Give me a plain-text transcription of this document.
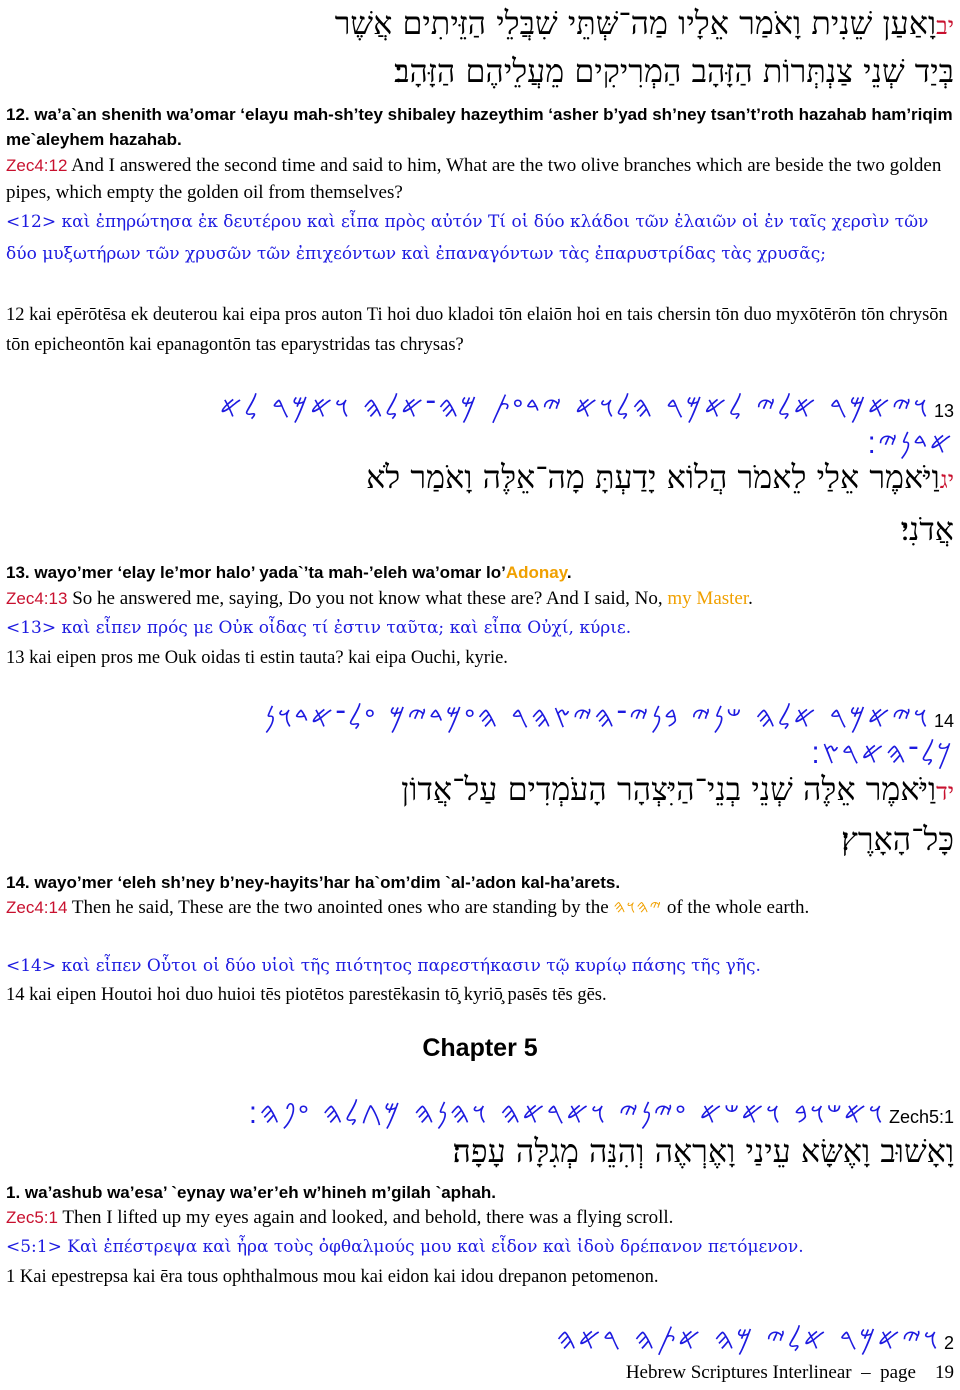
יבוָאַעַן שֵׁנִית וָאֹמַר אֵלָיו מַה־שְּׁתֵּי שִׁבֲּלֵי הַזֵּיתִים אֲשֶׁר
בְּיַד שְׁנֵי צַנְתְּרוֹת הַזָּהָב הַמְרִיקִים מֵעֲלֵיהֶם הַזָּהָב׃
12. wa’a`an shenith wa’omar ‘elayu mah-sh’tey shibaley hazeythim ‘asher b’yad sh’ney tsan’t’roth hazahab ham’riqim me`aleyhem hazahab.
Zec4:12 And I answered the second time and said to him, What are the two olive branches which are beside the two golden pipes, which empty the golden oil from themselves?
<12> καὶ ἐπηρώτησα ἐκ δευτέρου καὶ εἶπα πρὸς αὐτόν Τί οἱ δύο κλάδοι τῶν ἐλαιῶν οἱ ἐν ταῖς χερσὶν τῶν δύο μυξωτήρων τῶν χρυσῶν τῶν ἐπιχεόντων καὶ ἐπαναγόντων τὰς ἐπαρυστρίδας τὰς χρυσᾶς;
12 kai epērōtēsa ek deuterou kai eipa pros auton Ti hoi duo kladoi tōn elaiōn hoi en tais chersin tōn duo myxōtērōn tōn chrysōn tōn epicheontōn kai epanagontōn tas eparystridas tas chrysas?
13 𐤅𐤉𐤀𐤌𐤓 𐤀𐤋𐤉 𐤋𐤀𐤌𐤓 𐤄𐤋𐤅𐤀 𐤉𐤃𐤏𐤕 𐤌𐤄־𐤀𐤋𐤄 𐤅𐤀𐤌𐤓 𐤋𐤀
𐤀𐤃𐤍𐤉׃
יגוַיֹּאמֶר אֵלַי לֵאמֹר הֲלוֹא יָדַעְתָּ מָה־אֵלֶּה וָאֹמַר לֹא
אֲדֹנִי׃
13. wayo’mer ‘elay le’mor halo’ yada`’ta mah-’eleh wa’omar lo’Adonay.
Zec4:13 So he answered me, saying, Do you not know what these are? And I said, No, my Master.
<13> καὶ εἶπεν πρός με Οὐκ οἶδας τί ἐστιν ταῦτα; καὶ εἶπα Οὐχί, κύριε.
13 kai eipen pros me Ouk oidas ti estin tauta? kai eipa Ouchi, kyrie.
14 𐤅𐤉𐤀𐤌𐤓 𐤀𐤋𐤄 𐤔𐤍𐤉 𐤁𐤍𐤉־𐤄𐤉𐤑𐤄𐤓 𐤄𐤏𐤌𐤃𐤉𐤌 𐤏𐤋־𐤀𐤃𐤅𐤍
𐤊𐤋־𐤄𐤀𐤓𐤑׃
ידוַיֹּאמֶר אֵלֶּה שְׁנֵי בְנֵי־הַיִּצְהָר הָעֹמְדִים עַל־אֲדוֹן
כָּל־הָאָרֶץ׃
14. wayo’mer ‘eleh sh’ney b’ney-hayits’har ha`om’dim `al-’adon kal-ha’arets.
Zec4:14 Then he said, These are the two anointed ones who are standing by the 𐤉𐤄𐤅𐤄 of the whole earth.
<14> καὶ εἶπεν Οὗτοι οἱ δύο υἱοὶ τῆς πιότητος παρεστήκασιν τῷ κυρίῳ πάσης τῆς γῆς.
14 kai eipen Houtoi hoi duo huioi tēs piotētos parestēkasin tō̧ kyriō̧ pasēs tēs gēs.
Chapter 5
Zech5:1 𐤅𐤀𐤔𐤅𐤁 𐤅𐤀𐤔𐤀 𐤏𐤉𐤍𐤉 𐤅𐤀𐤓𐤀𐤄 𐤅𐤄𐤍𐤄 𐤌𐤂𐤋𐤄 𐤏𐤐𐤄׃
וָאָשׁוּב וָאֶשָּׂא עֵינַי וָאֶרְאֶה וְהִנֵּה מְגִלָּה עָפָה׃
1. wa’ashub wa’esa’ `eynay wa’er’eh w’hineh m’gilah `aphah.
Zec5:1 Then I lifted up my eyes again and looked, and behold, there was a flying scroll.
<5:1> Καὶ ἐπέστρεψα καὶ ἦρα τοὺς ὀφθαλμούς μου καὶ εἶδον καὶ ἰδοὺ δρέπανον πετόμενον.
1 Kai epestrepsa kai ēra tous ophthalmous mou kai eidon kai idou drepanon petomenon.
2 𐤅𐤉𐤀𐤌𐤓 𐤀𐤋𐤉 𐤌𐤄 𐤀𐤕𐤄 𐤓𐤀𐤄
Hebrew Scriptures Interlinear – page 19
